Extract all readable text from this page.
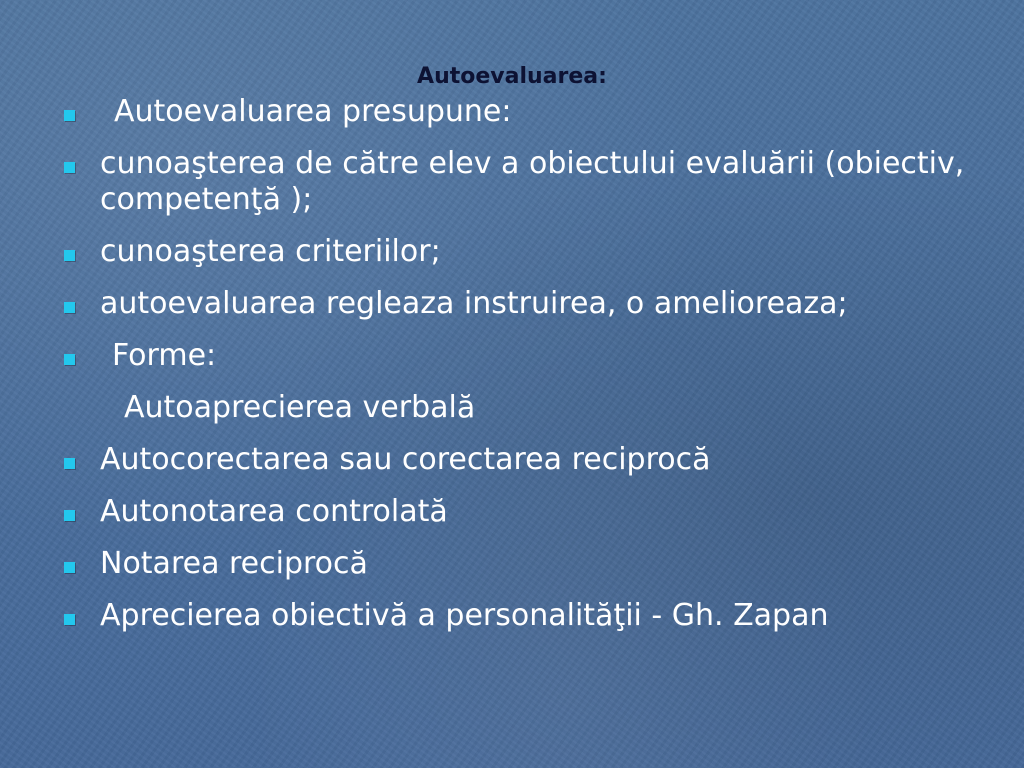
Autoevaluarea:
Autoevaluarea presupune:
cunoaşterea de către elev a obiectului evaluării (obiectiv, competenţă );
cunoaşterea criteriilor;
autoevaluarea regleaza instruirea, o amelioreaza;
Forme:
Autoaprecierea verbală
Autocorectarea sau corectarea reciprocă
Autonotarea controlată
Notarea reciprocă
Aprecierea obiectivă a personalităţii - Gh. Zapan
